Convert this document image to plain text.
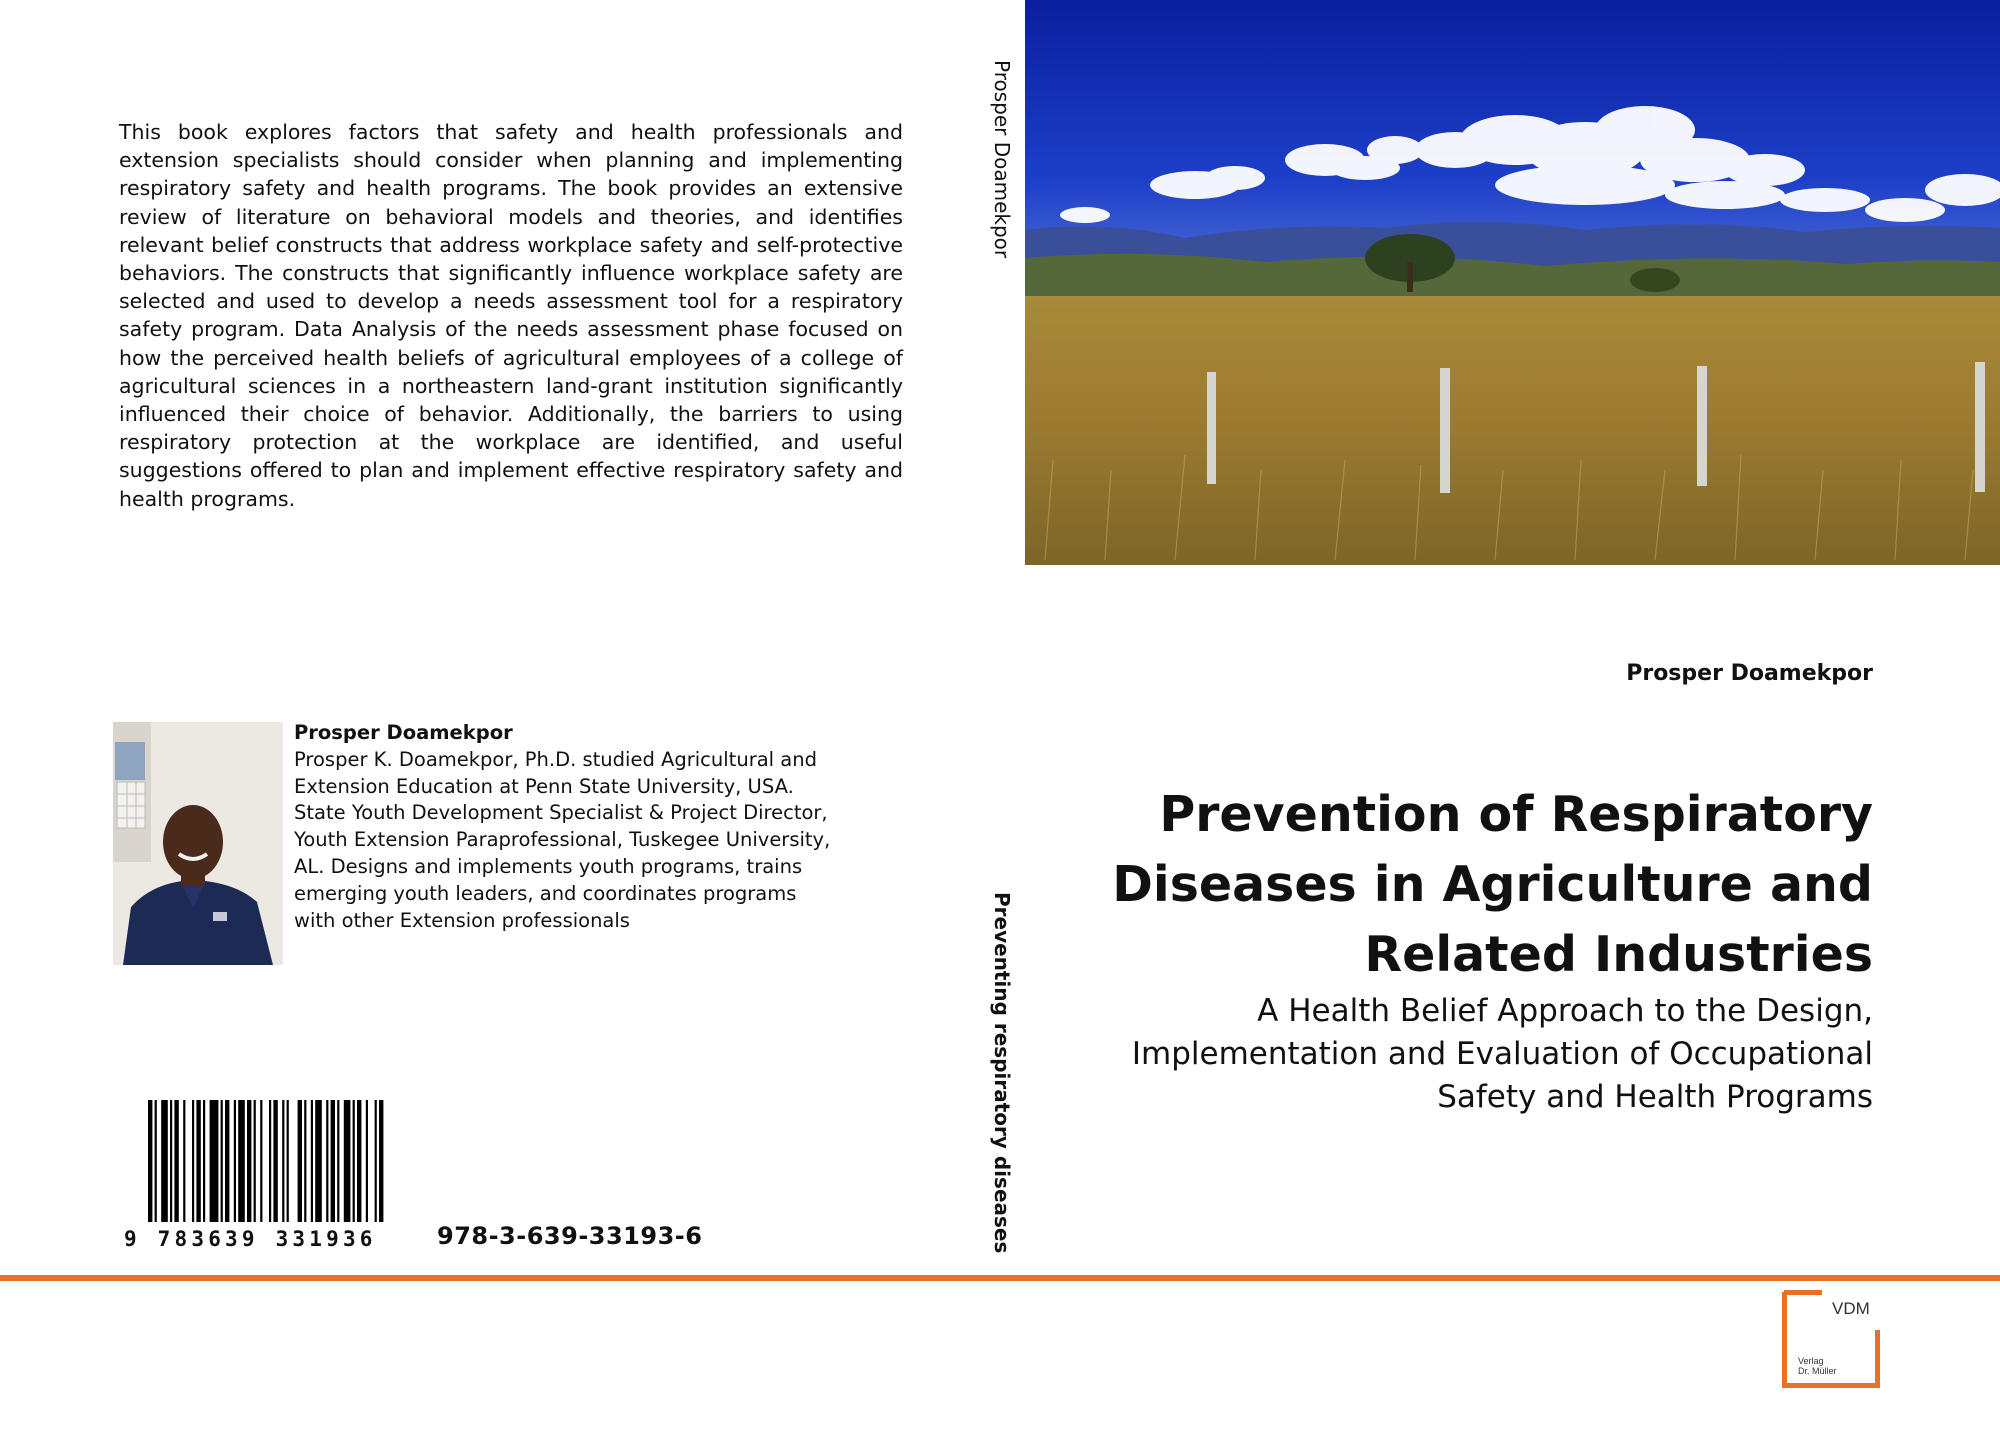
This book explores factors that safety and health professionals and extension specialists should consider when planning and implementing respiratory safety and health programs. The book provides an extensive review of literature on behavioral models and theories, and identifies relevant belief constructs that address workplace safety and self-protective behaviors. The constructs that significantly influence workplace safety are selected and used to develop a needs assessment tool for a respiratory safety program. Data Analysis of the needs assessment phase focused on how the perceived health beliefs of agricultural employees of a college of agricultural sciences in a northeastern land-grant institution significantly influenced their choice of behavior. Additionally, the barriers to using respiratory protection at the workplace are identified, and useful suggestions offered to plan and implement effective respiratory safety and health programs.
Prosper Doamekpor
Prosper K. Doamekpor, Ph.D. studied Agricultural and
Extension Education at Penn State University, USA.
State Youth Development Specialist & Project Director,
Youth Extension Paraprofessional, Tuskegee University,
AL. Designs and implements youth programs, trains
emerging youth leaders, and coordinates programs
with other Extension professionals
9 783639 331936	978-3-639-33193-6
Prosper Doamekpor
Preventing respiratory diseases
Prosper Doamekpor
Prevention of Respiratory
Diseases in Agriculture and
Related Industries
A Health Belief Approach to the Design,
Implementation and Evaluation of Occupational
Safety and Health Programs
VDM
Verlag
Dr. Müller
